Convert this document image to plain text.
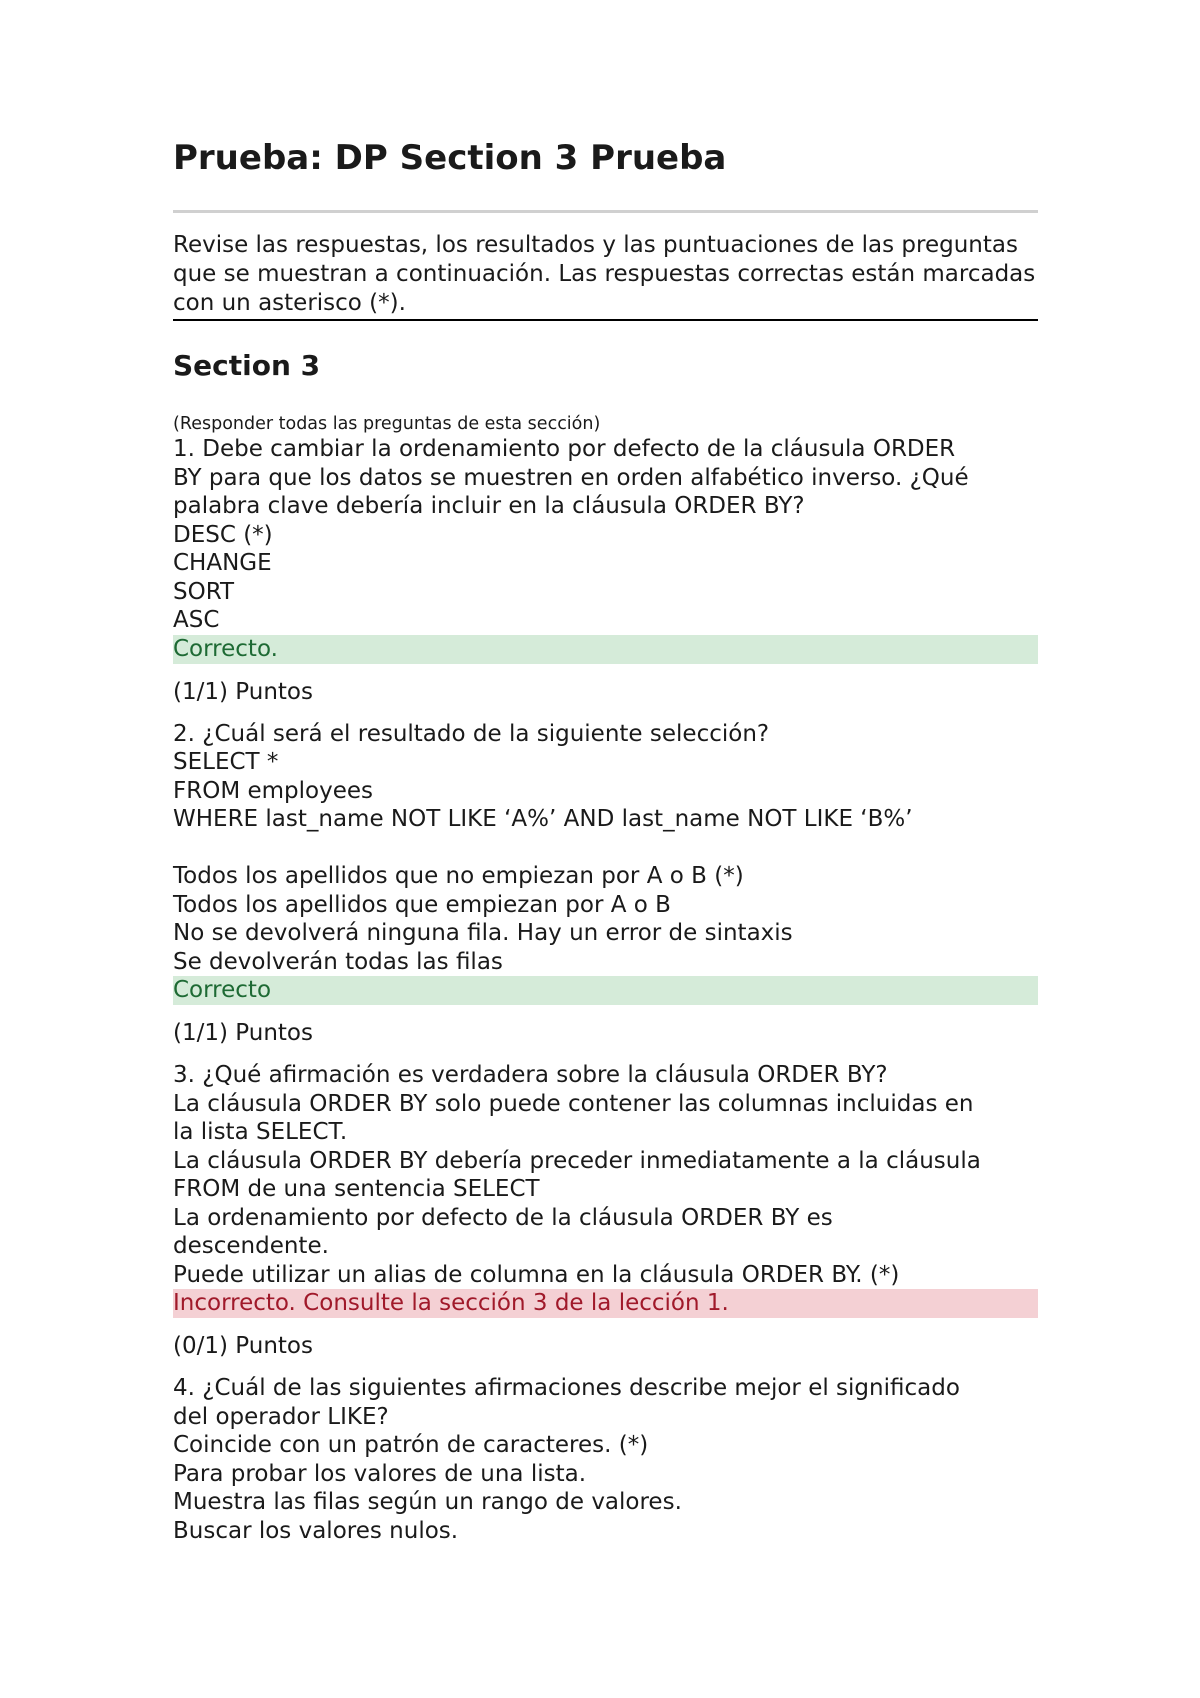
Prueba: DP Section 3 Prueba
Revise las respuestas, los resultados y las puntuaciones de las preguntas que se muestran a continuación. Las respuestas correctas están marcadas con un asterisco (*).
Section 3
(Responder todas las preguntas de esta sección)
1. Debe cambiar la ordenamiento por defecto de la cláusula ORDER
BY para que los datos se muestren en orden alfabético inverso. ¿Qué
palabra clave debería incluir en la cláusula ORDER BY?
DESC (*)
CHANGE
SORT
ASC
Correcto.
(1/1) Puntos
2. ¿Cuál será el resultado de la siguiente selección?
SELECT *
FROM employees
WHERE last_name NOT LIKE ‘A%’ AND last_name NOT LIKE ‘B%’
Todos los apellidos que no empiezan por A o B (*)
Todos los apellidos que empiezan por A o B
No se devolverá ninguna fila. Hay un error de sintaxis
Se devolverán todas las filas
Correcto
(1/1) Puntos
3. ¿Qué afirmación es verdadera sobre la cláusula ORDER BY?
La cláusula ORDER BY solo puede contener las columnas incluidas en
la lista SELECT.
La cláusula ORDER BY debería preceder inmediatamente a la cláusula
FROM de una sentencia SELECT
La ordenamiento por defecto de la cláusula ORDER BY es
descendente.
Puede utilizar un alias de columna en la cláusula ORDER BY. (*)
Incorrecto. Consulte la sección 3 de la lección 1.
(0/1) Puntos
4. ¿Cuál de las siguientes afirmaciones describe mejor el significado
del operador LIKE?
Coincide con un patrón de caracteres. (*)
Para probar los valores de una lista.
Muestra las filas según un rango de valores.
Buscar los valores nulos.
